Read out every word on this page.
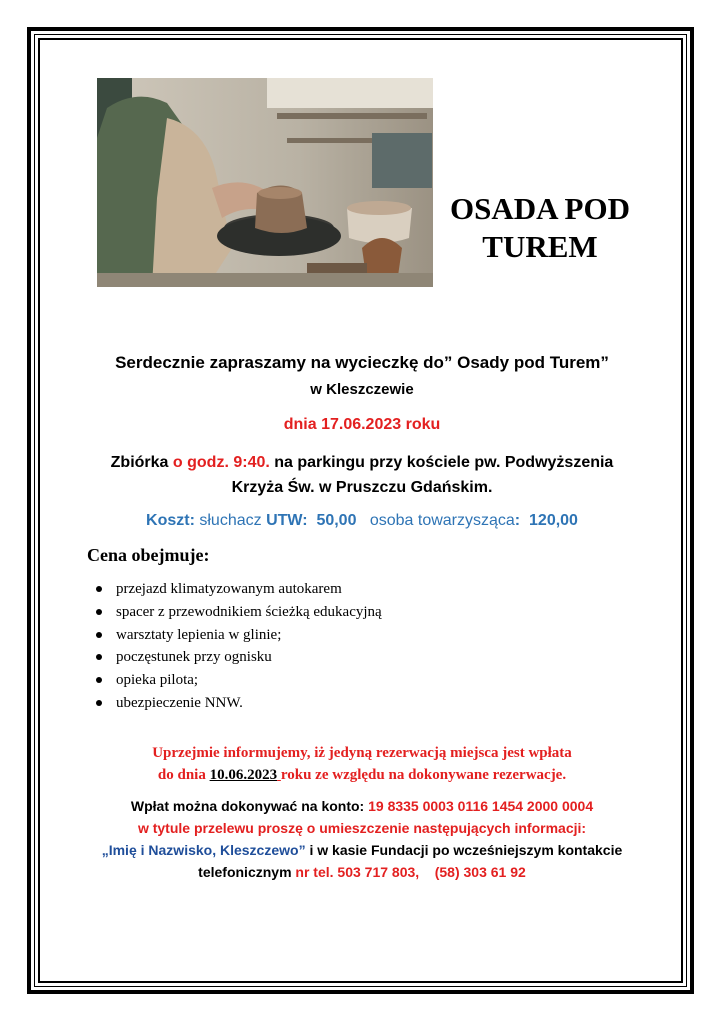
OSADA POD
TUREM
Serdecznie zapraszamy na wycieczkę do” Osady pod Turem”
w Kleszczewie
dnia 17.06.2023 roku
Zbiórka o godz. 9:40. na parkingu przy kościele pw. Podwyższenia
Krzyża Św. w Pruszczu Gdańskim.
Koszt: słuchacz UTW: 50,00 osoba towarzysząca: 120,00
Cena obejmuje:
przejazd klimatyzowanym autokarem
spacer z przewodnikiem ścieżką edukacyjną
warsztaty lepienia w glinie;
poczęstunek przy ognisku
opieka pilota;
ubezpieczenie NNW.
Uprzejmie informujemy, iż jedyną rezerwacją miejsca jest wpłata
do dnia 10.06.2023 roku ze względu na dokonywane rezerwacje.
Wpłat można dokonywać na konto: 19 8335 0003 0116 1454 2000 0004
w tytule przelewu proszę o umieszczenie następujących informacji:
„Imię i Nazwisko, Kleszczewo” i w kasie Fundacji po wcześniejszym kontakcie
telefonicznym nr tel. 503 717 803,    (58) 303 61 92
